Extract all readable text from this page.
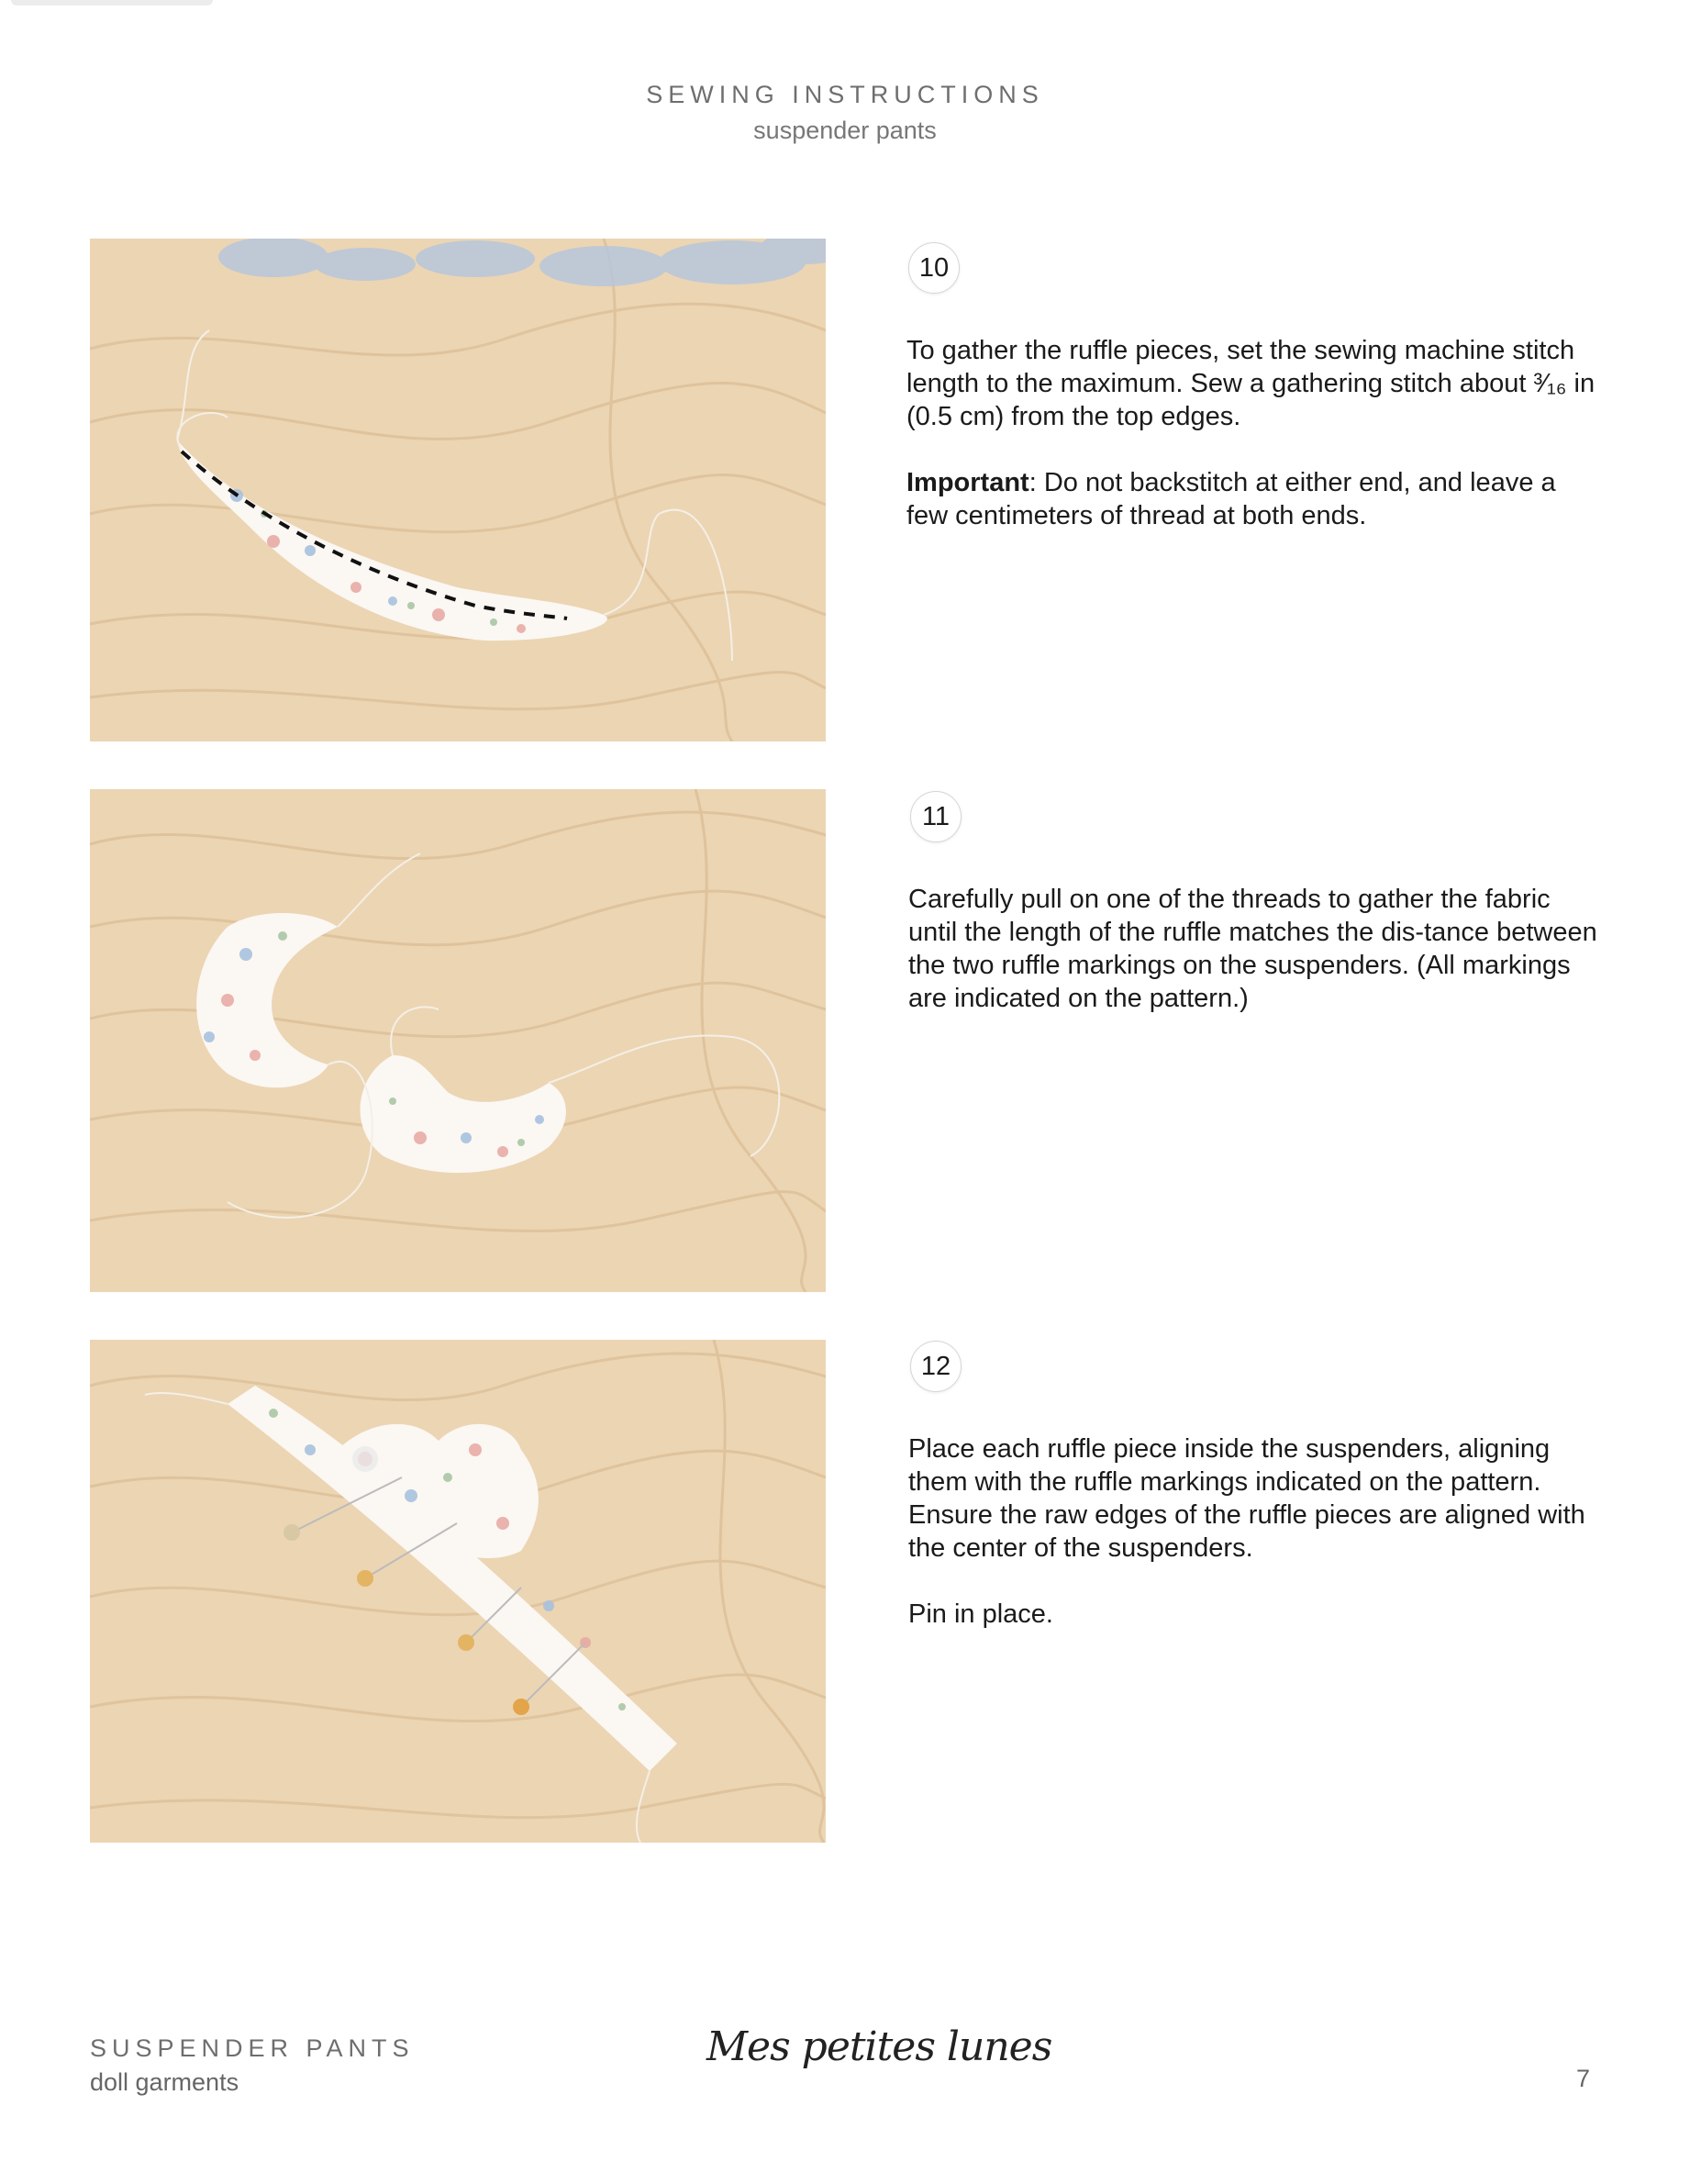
SEWING INSTRUCTIONS
suspender pants
10

To gather the ruffle pieces, set the sewing machine stitch length to the maximum. Sew a gathering stitch about ³⁄₁₆ in (0.5 cm) from the top edges.

Important: Do not backstitch at either end, and leave a few centimeters of thread at both ends.

11

Carefully pull on one of the threads to gather the fabric until the length of the ruffle matches the dis-tance between the two ruffle markings on the suspenders. (All markings are indicated on the pattern.)

12

Place each ruffle piece inside the suspenders, aligning them with the ruffle markings indicated on the pattern. Ensure the raw edges of the ruffle pieces are aligned with the center of the suspenders.

Pin in place.

SUSPENDER PANTS
doll garments
Mes petites lunes
7
